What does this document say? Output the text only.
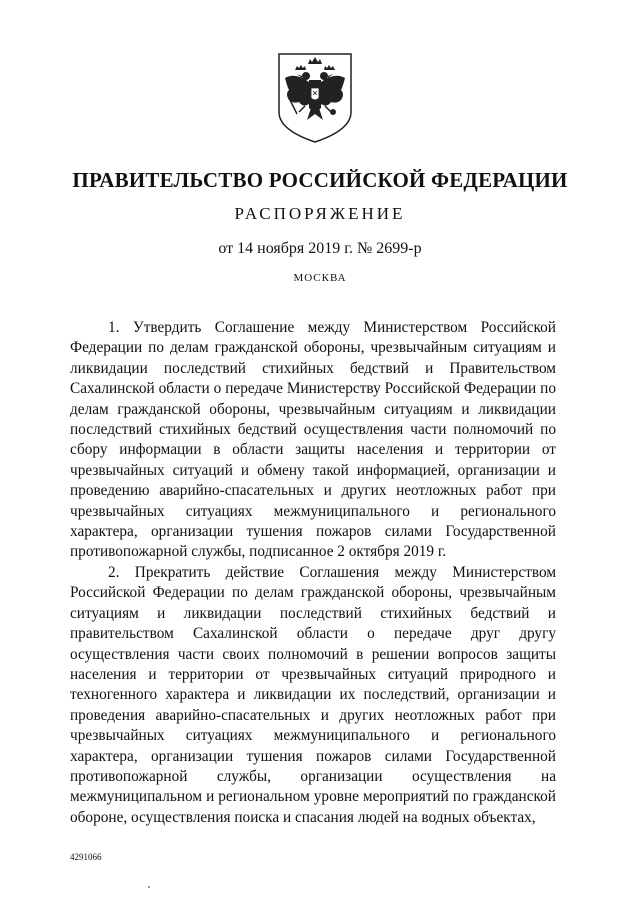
ПРАВИТЕЛЬСТВО РОССИЙСКОЙ ФЕДЕРАЦИИ
РАСПОРЯЖЕНИЕ
от 14 ноября 2019 г. № 2699-р
МОСКВА

1. Утвердить Соглашение между Министерством Российской Федерации по делам гражданской обороны, чрезвычайным ситуациям и ликвидации последствий стихийных бедствий и Правительством Сахалинской области о передаче Министерству Российской Федерации по делам гражданской обороны, чрезвычайным ситуациям и ликвидации последствий стихийных бедствий осуществления части полномочий по сбору информации в области защиты населения и территории от чрезвычайных ситуаций и обмену такой информацией, организации и проведению аварийно-спасательных и других неотложных работ при чрезвычайных ситуациях межмуниципального и регионального характера, организации тушения пожаров силами Государственной противопожарной службы, подписанное 2 октября 2019 г.

2. Прекратить действие Соглашения между Министерством Российской Федерации по делам гражданской обороны, чрезвычайным ситуациям и ликвидации последствий стихийных бедствий и правительством Сахалинской области о передаче друг другу осуществления части своих полномочий в решении вопросов защиты населения и территории от чрезвычайных ситуаций природного и техногенного характера и ликвидации их последствий, организации и проведения аварийно-спасательных и других неотложных работ при чрезвычайных ситуациях межмуниципального и регионального характера, организации тушения пожаров силами Государственной противопожарной службы, организации осуществления на межмуниципальном и региональном уровне мероприятий по гражданской обороне, осуществления поиска и спасания людей на водных объектах,

4291066
